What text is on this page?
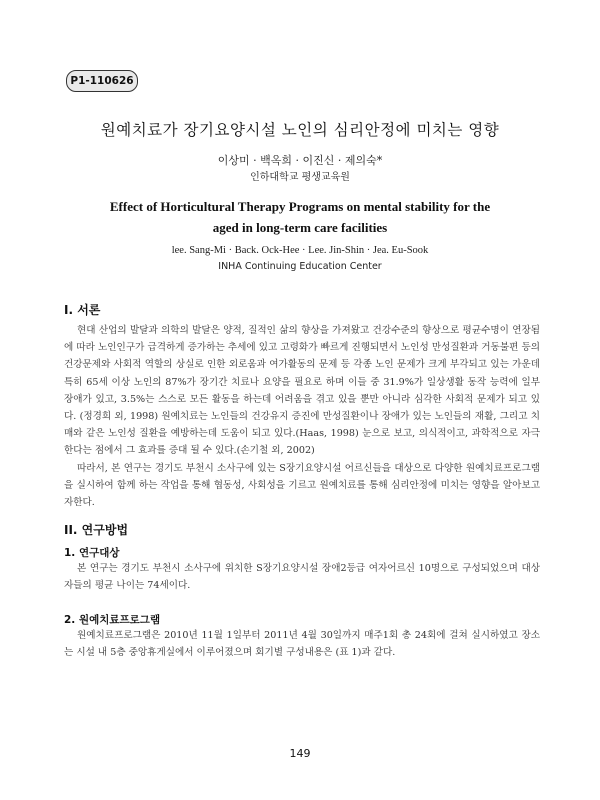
P1-110626
원예치료가 장기요양시설 노인의 심리안정에 미치는 영향
이상미 · 백옥희 · 이진신 · 제의숙*
인하대학교 평생교육원
Effect of Horticultural Therapy Programs on mental stability for the
aged in long-term care facilities
lee. Sang-Mi · Back. Ock-Hee · Lee. Jin-Shin · Jea. Eu-Sook
INHA Continuing Education Center
I. 서론

현대 산업의 발달과 의학의 발달은 양적, 질적인 삶의 향상을 가져왔고 건강수준의 향상으로 평균수명이 연장됨에 따라 노인인구가 급격하게 증가하는 추세에 있고 고령화가 빠르게 진행되면서 노인성 만성질환과 거동불편 등의 건강문제와 사회적 역할의 상실로 인한 외로움과 여가활동의 문제 등 각종 노인 문제가 크게 부각되고 있는 가운데 특히 65세 이상 노인의 87%가 장기간 치료나 요양을 필요로 하며 이들 중 31.9%가 일상생활 동작 능력에 일부 장애가 있고, 3.5%는 스스로 모든 활동을 하는데 어려움을 겪고 있을 뿐만 아니라 심각한 사회적 문제가 되고 있다. (정경희 외, 1998) 원예치료는 노인들의 건강유지 증진에 만성질환이나 장애가 있는 노인들의 재활, 그리고 치매와 같은 노인성 질환을 예방하는데 도움이 되고 있다.(Haas, 1998) 눈으로 보고, 의식적이고, 과학적으로 자극한다는 점에서 그 효과를 증대 될 수 있다.(손기철 외, 2002)

따라서, 본 연구는 경기도 부천시 소사구에 있는 S장기요양시설 어르신들을 대상으로 다양한 원예치료프로그램을 실시하여 함께 하는 작업을 통해 협동성, 사회성을 기르고 원예치료를 통해 심리안정에 미치는 영향을 알아보고자한다.

II. 연구방법
1. 연구대상

본 연구는 경기도 부천시 소사구에 위치한 S장기요양시설 장애2등급 여자어르신 10명으로 구성되었으며 대상자들의 평균 나이는 74세이다.

2. 원예치료프로그램

원예치료프로그램은 2010년 11월 1일부터 2011년 4월 30일까지 매주1회 총 24회에 걸쳐 실시하였고 장소는 시설 내 5층 중앙휴게실에서 이루어졌으며 회기별 구성내용은 (표 1)과 같다.

149
